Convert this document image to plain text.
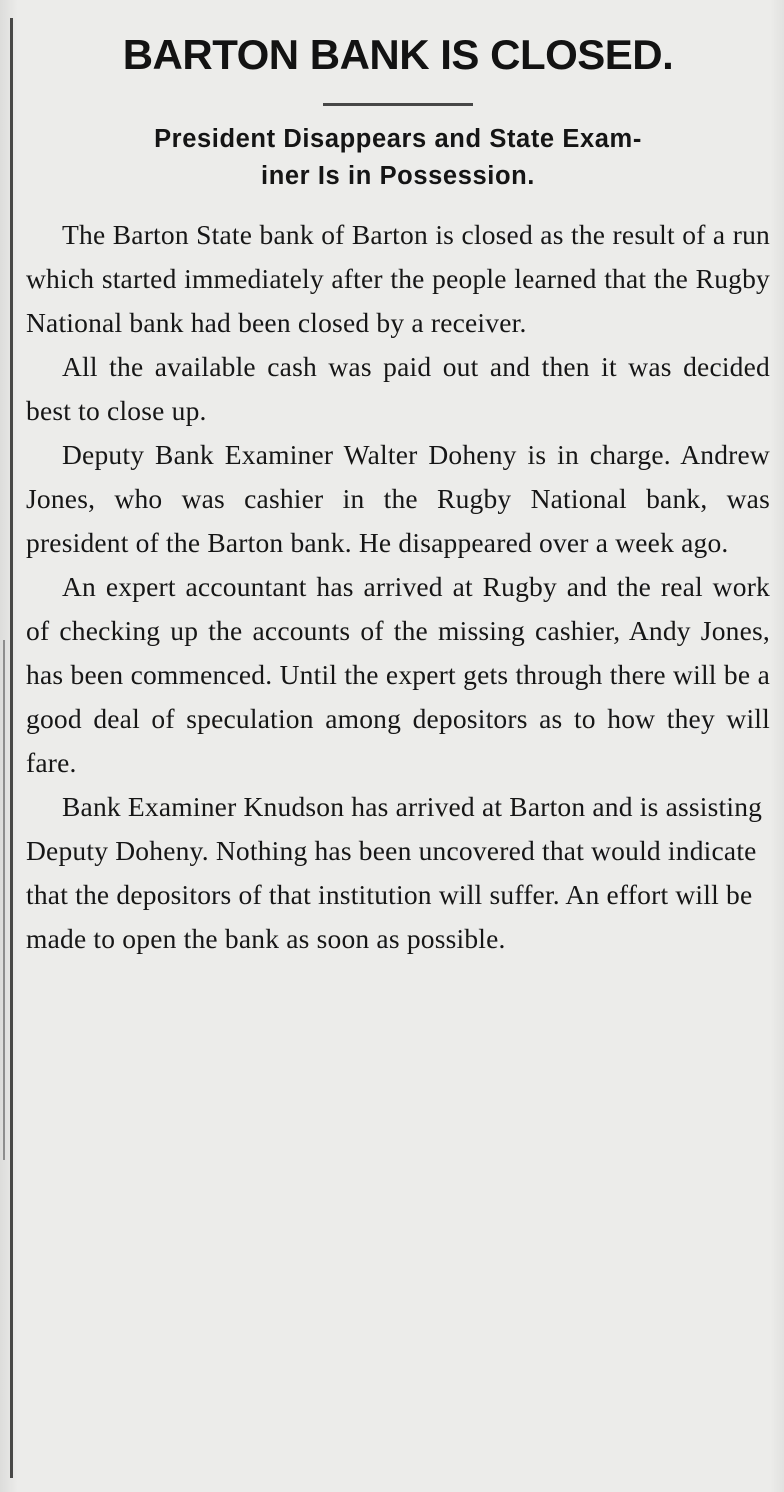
BARTON BANK IS CLOSED.
President Disappears and State Exam-
iner Is in Possession.

The Barton State bank of Barton is closed as the result of a run which started immediately after the people learned that the Rugby National bank had been closed by a receiver.

All the available cash was paid out and then it was decided best to close up.

Deputy Bank Examiner Walter Doheny is in charge. Andrew Jones, who was cashier in the Rugby National bank, was president of the Barton bank. He disappeared over a week ago.

An expert accountant has arrived at Rugby and the real work of checking up the accounts of the missing cashier, Andy Jones, has been commenced. Until the expert gets through there will be a good deal of speculation among depositors as to how they will fare.

Bank Examiner Knudson has arrived at Barton and is assisting Deputy Doheny. Nothing has been uncovered that would indicate that the depositors of that institution will suffer. An effort will be made to open the bank as soon as possible.
